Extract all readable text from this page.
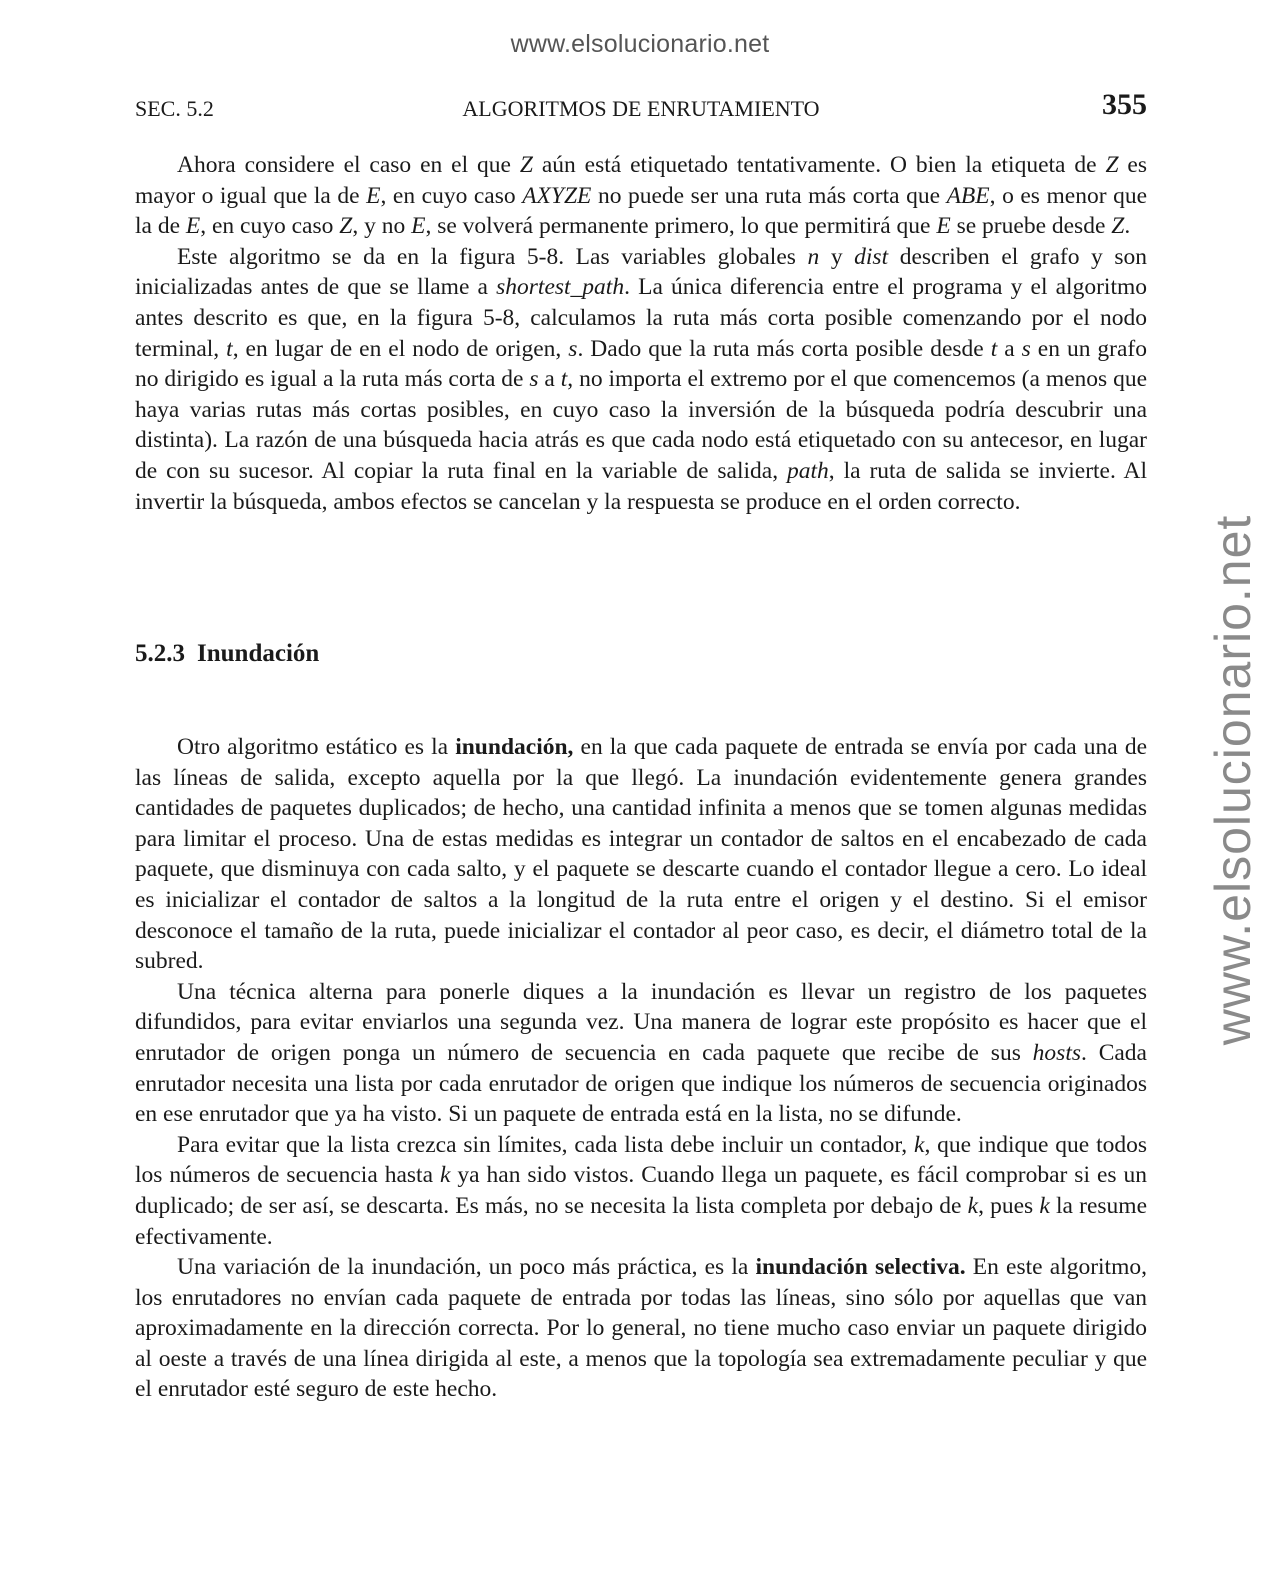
www.elsolucionario.net
www.elsolucionario.net
SEC. 5.2	ALGORITMOS DE ENRUTAMIENTO	355

Ahora considere el caso en el que Z aún está etiquetado tentativamente. O bien la etiqueta de Z es mayor o igual que la de E, en cuyo caso AXYZE no puede ser una ruta más corta que ABE, o es menor que la de E, en cuyo caso Z, y no E, se volverá permanente primero, lo que permitirá que E se pruebe desde Z.

Este algoritmo se da en la figura 5-8. Las variables globales n y dist describen el grafo y son inicializadas antes de que se llame a shortest_path. La única diferencia entre el programa y el algoritmo antes descrito es que, en la figura 5-8, calculamos la ruta más corta posible comenzando por el nodo terminal, t, en lugar de en el nodo de origen, s. Dado que la ruta más corta posible desde t a s en un grafo no dirigido es igual a la ruta más corta de s a t, no importa el extremo por el que comencemos (a menos que haya varias rutas más cortas posibles, en cuyo caso la inversión de la búsqueda podría descubrir una distinta). La razón de una búsqueda hacia atrás es que cada nodo está etiquetado con su antecesor, en lugar de con su sucesor. Al copiar la ruta final en la variable de salida, path, la ruta de salida se invierte. Al invertir la búsqueda, ambos efectos se cancelan y la respuesta se produce en el orden correcto.

5.2.3 Inundación

Otro algoritmo estático es la inundación, en la que cada paquete de entrada se envía por cada una de las líneas de salida, excepto aquella por la que llegó. La inundación evidentemente genera grandes cantidades de paquetes duplicados; de hecho, una cantidad infinita a menos que se tomen algunas medidas para limitar el proceso. Una de estas medidas es integrar un contador de saltos en el encabezado de cada paquete, que disminuya con cada salto, y el paquete se descarte cuando el contador llegue a cero. Lo ideal es inicializar el contador de saltos a la longitud de la ruta entre el origen y el destino. Si el emisor desconoce el tamaño de la ruta, puede inicializar el contador al peor caso, es decir, el diámetro total de la subred.

Una técnica alterna para ponerle diques a la inundación es llevar un registro de los paquetes difundidos, para evitar enviarlos una segunda vez. Una manera de lograr este propósito es hacer que el enrutador de origen ponga un número de secuencia en cada paquete que recibe de sus hosts. Cada enrutador necesita una lista por cada enrutador de origen que indique los números de secuencia originados en ese enrutador que ya ha visto. Si un paquete de entrada está en la lista, no se difunde.

Para evitar que la lista crezca sin límites, cada lista debe incluir un contador, k, que indique que todos los números de secuencia hasta k ya han sido vistos. Cuando llega un paquete, es fácil comprobar si es un duplicado; de ser así, se descarta. Es más, no se necesita la lista completa por debajo de k, pues k la resume efectivamente.

Una variación de la inundación, un poco más práctica, es la inundación selectiva. En este algoritmo, los enrutadores no envían cada paquete de entrada por todas las líneas, sino sólo por aquellas que van aproximadamente en la dirección correcta. Por lo general, no tiene mucho caso enviar un paquete dirigido al oeste a través de una línea dirigida al este, a menos que la topología sea extremadamente peculiar y que el enrutador esté seguro de este hecho.
